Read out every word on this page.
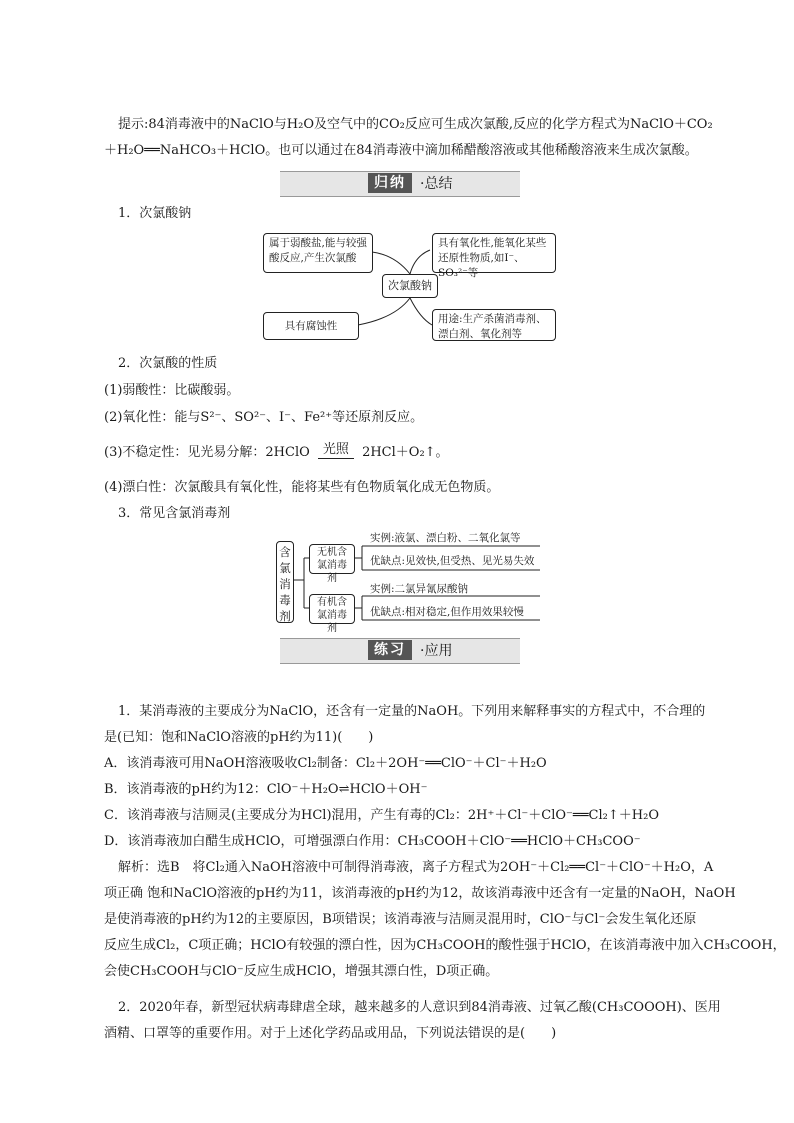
提示:84消毒液中的NaClO与H₂O及空气中的CO₂反应可生成次氯酸,反应的化学方程式为NaClO＋CO₂
＋H₂O══NaHCO₃＋HClO。也可以通过在84消毒液中滴加稀醋酸溶液或其他稀酸溶液来生成次氯酸。
归纳	·总结
1．次氯酸钠
属于弱酸盐,能与较强酸反应,产生次氯酸
具有氧化性,能氧化某些还原性物质,如I⁻、SO₃²⁻等
次氯酸钠
具有腐蚀性
用途:生产杀菌消毒剂、漂白剂、氧化剂等
2．次氯酸的性质
(1)弱酸性：比碳酸弱。
(2)氧化性：能与S²⁻、SO²⁻、I⁻、Fe²⁺等还原剂反应。
(3)不稳定性：见光易分解：2HClO	光照	2HCl＋O₂↑。
(4)漂白性：次氯酸具有氧化性，能将某些有色物质氧化成无色物质。
3．常见含氯消毒剂
含氯消毒剂
无机含氯消毒剂
有机含氯消毒剂
实例:液氯、漂白粉、二氧化氯等
优缺点:见效快,但受热、见光易失效
实例:二氯异氰尿酸钠
优缺点:相对稳定,但作用效果较慢
练习	·应用
1．某消毒液的主要成分为NaClO，还含有一定量的NaOH。下列用来解释事实的方程式中，不合理的
是(已知：饱和NaClO溶液的pH约为11)(　　)
A．该消毒液可用NaOH溶液吸收Cl₂制备：Cl₂＋2OH⁻══ClO⁻＋Cl⁻＋H₂O
B．该消毒液的pH约为12：ClO⁻＋H₂O⇌HClO＋OH⁻
C．该消毒液与洁厕灵(主要成分为HCl)混用，产生有毒的Cl₂：2H⁺＋Cl⁻＋ClO⁻══Cl₂↑＋H₂O
D．该消毒液加白醋生成HClO，可增强漂白作用：CH₃COOH＋ClO⁻══HClO＋CH₃COO⁻
解析：选B　将Cl₂通入NaOH溶液中可制得消毒液，离子方程式为2OH⁻＋Cl₂══Cl⁻＋ClO⁻＋H₂O，A
项正确 饱和NaClO溶液的pH约为11，该消毒液的pH约为12，故该消毒液中还含有一定量的NaOH，NaOH
是使消毒液的pH约为12的主要原因，B项错误；该消毒液与洁厕灵混用时，ClO⁻与Cl⁻会发生氧化还原
反应生成Cl₂，C项正确；HClO有较强的漂白性，因为CH₃COOH的酸性强于HClO，在该消毒液中加入CH₃COOH，
会使CH₃COOH与ClO⁻反应生成HClO，增强其漂白性，D项正确。
2．2020年春，新型冠状病毒肆虐全球，越来越多的人意识到84消毒液、过氧乙酸(CH₃COOOH)、医用
酒精、口罩等的重要作用。对于上述化学药品或用品，下列说法错误的是(　　)
